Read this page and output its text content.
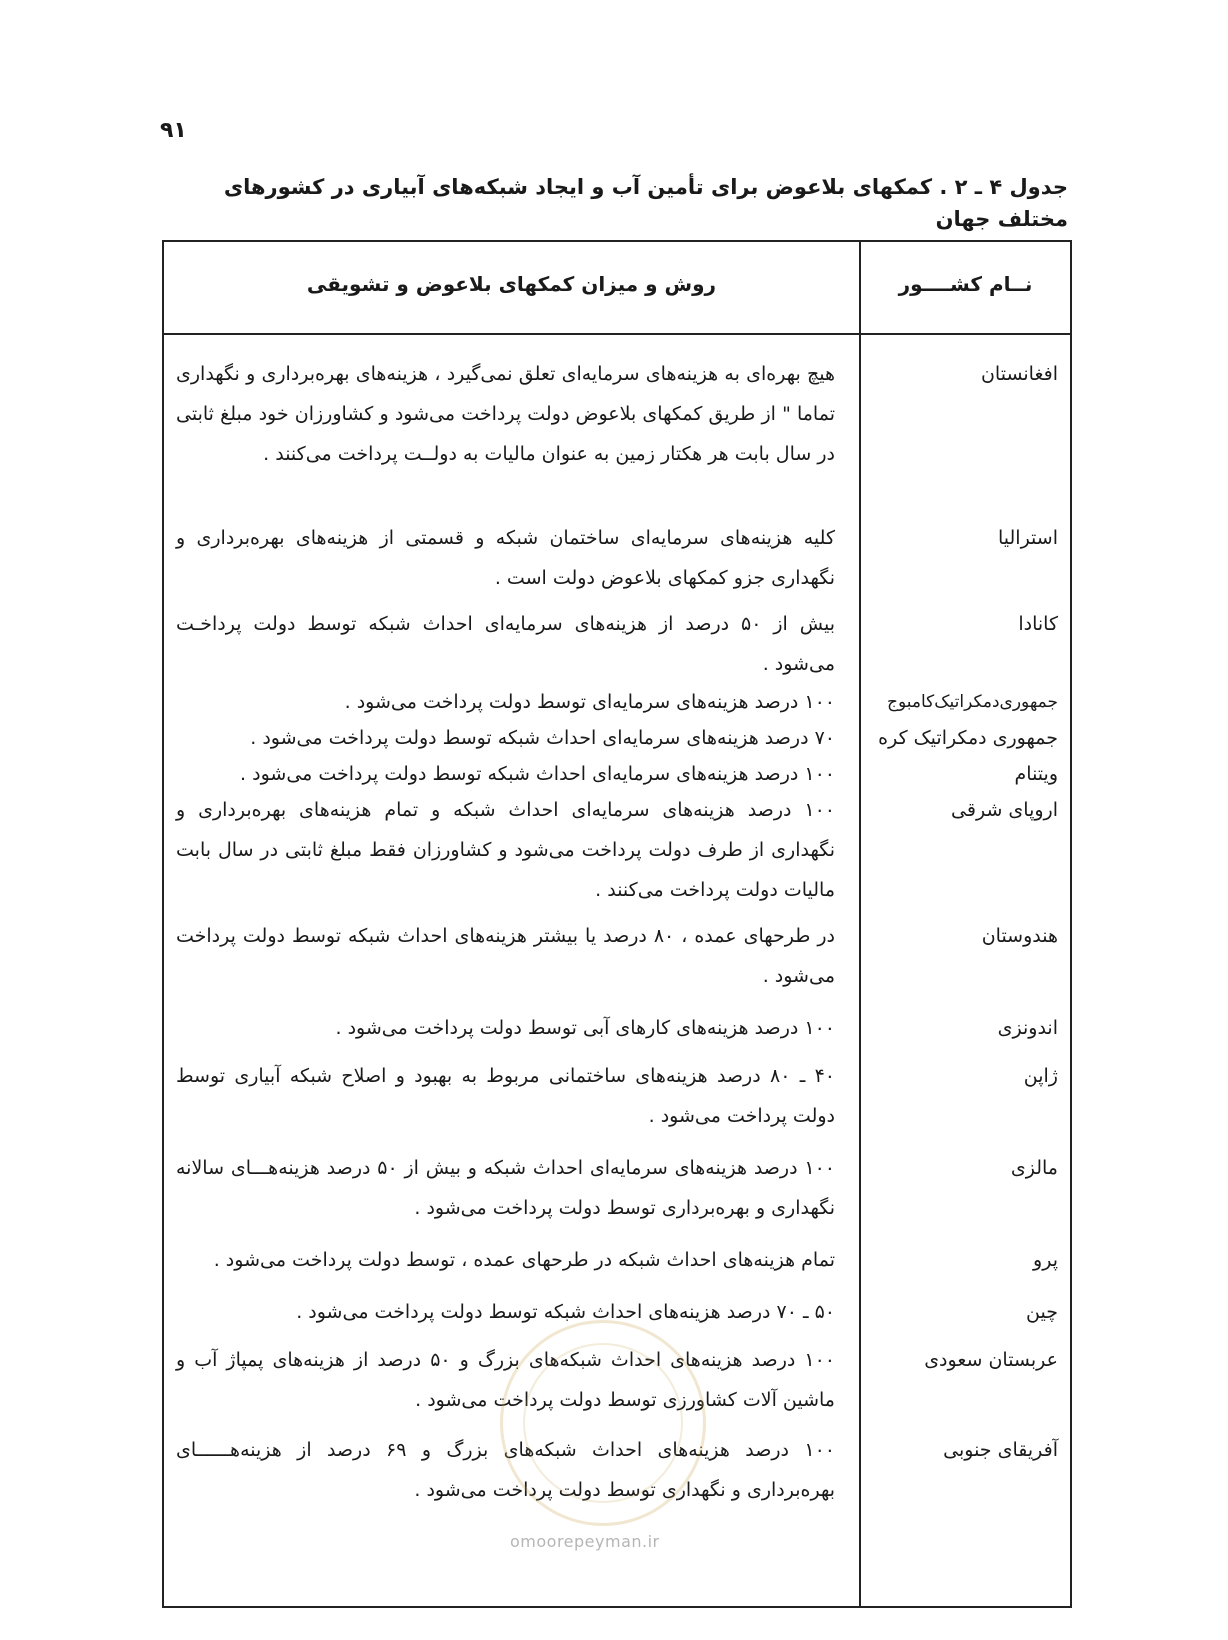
۹۱
جدول ۴ ـ ۲ . کمکهای بلاعوض برای تأمین آب و ایجاد شبکه‌های آبیاری در کشورهای مختلف جهان
نــام کشــــور
روش و میزان کمکهای بلاعوض و تشویقی
افغانستان
هیچ بهره‌ای به هزینه‌های سرمایه‌ای تعلق نمی‌گیرد ، هزینه‌های بهره‌برداری و نگهداری تماما " از طریق کمکهای بلاعوض دولت پرداخت می‌شود و کشاورزان خود مبلغ ثابتی در سال بابت هر هکتار زمین به عنوان مالیات به دولــت پرداخت می‌کنند .
استرالیا
کلیه هزینه‌های سرمایه‌ای ساختمان شبکه و قسمتی از هزینه‌های بهره‌برداری و نگهداری جزو کمکهای بلاعوض دولت است .
کانادا
بیش از ۵۰ درصد از هزینه‌های سرمایه‌ای احداث شبکه توسط دولت پرداخـت می‌شود .
جمهوری‌دمکراتیک‌کامبوج
۱۰۰ درصد هزینه‌های سرمایه‌ای توسط دولت پرداخت می‌شود .
جمهوری دمکراتیک کره
۷۰ درصد هزینه‌های سرمایه‌ای احداث شبکه توسط دولت پرداخت می‌شود .
ویتنام
۱۰۰ درصد هزینه‌های سرمایه‌ای احداث شبکه توسط دولت پرداخت می‌شود .
اروپای شرقی
۱۰۰ درصد هزینه‌های سرمایه‌ای احداث شبکه و تمام هزینه‌های بهره‌برداری و نگهداری از طرف دولت پرداخت می‌شود و کشاورزان فقط مبلغ ثابتی در سال بابت مالیات دولت پرداخت می‌کنند .
هندوستان
در طرحهای عمده ، ۸۰ درصد یا بیشتر هزینه‌های احداث شبکه توسط دولت پرداخت می‌شود .
اندونزی
۱۰۰ درصد هزینه‌های کارهای آبی توسط دولت پرداخت می‌شود .
ژاپن
۴۰ ـ ۸۰ درصد هزینه‌های ساختمانی مربوط به بهبود و اصلاح شبکه آبیاری توسط دولت پرداخت می‌شود .
مالزی
۱۰۰ درصد هزینه‌های سرمایه‌ای احداث شبکه و بیش از ۵۰ درصد هزینه‌هـــای سالانه نگهداری و بهره‌برداری توسط دولت پرداخت می‌شود .
پرو
تمام هزینه‌های احداث شبکه در طرحهای عمده ، توسط دولت پرداخت می‌شود .
چین
۵۰ ـ ۷۰ درصد هزینه‌های احداث شبکه توسط دولت پرداخت می‌شود .
عربستان سعودی
۱۰۰ درصد هزینه‌های احداث شبکه‌های بزرگ و ۵۰ درصد از هزینه‌های پمپاژ آب و ماشین آلات کشاورزی توسط دولت پرداخت می‌شود .
آفریقای جنوبی
۱۰۰ درصد هزینه‌های احداث شبکه‌های بزرگ و ۶۹ درصد از هزینه‌هــــــای بهره‌برداری و نگهداری توسط دولت پرداخت می‌شود .
omoorepeyman.ir
